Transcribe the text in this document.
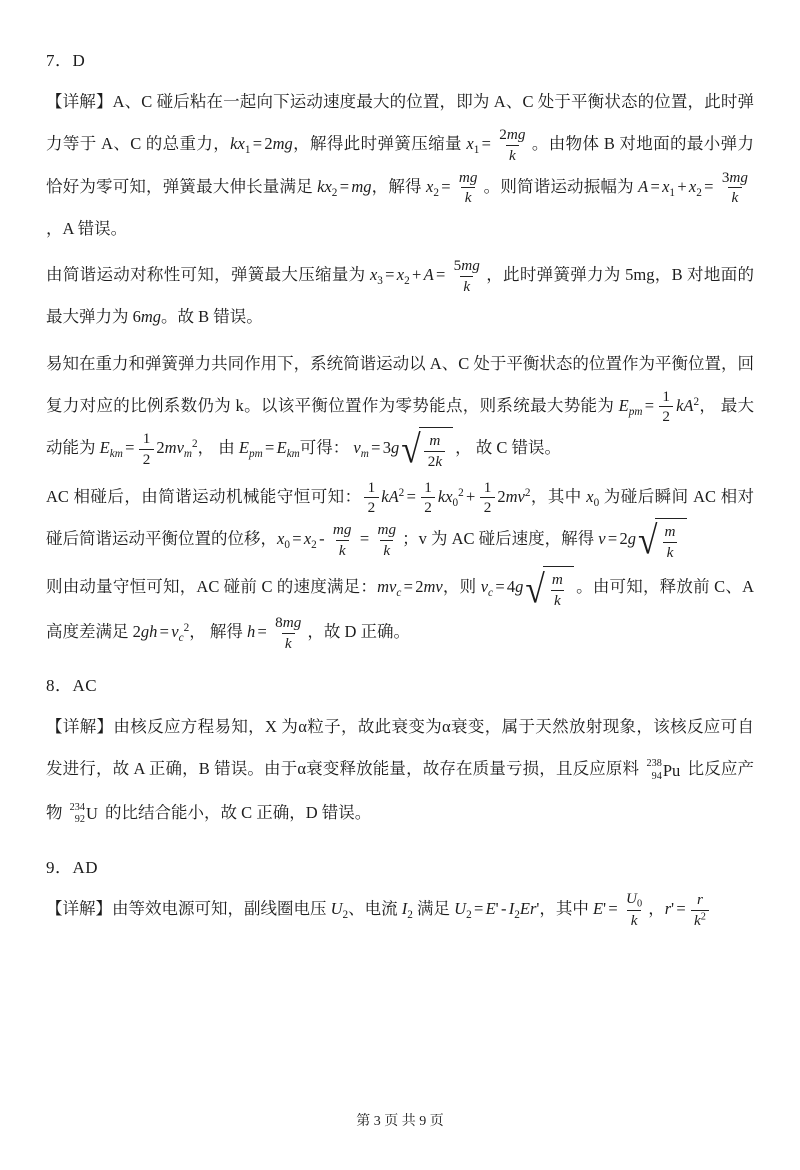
7．D
【详解】A、C 碰后粘在一起向下运动速度最大的位置，即为 A、C 处于平衡状态的位置，此时弹力等于 A、C 的总重力，$kx_1 = 2mg$，解得此时弹簧压缩量 $x_1 = \frac{2mg}{k}$ 。由物体 B 对地面的最小弹力恰好为零可知，弹簧最大伸长量满足 $kx_2$ = mg，解得 $x_2 = \frac{mg}{k}$ 。则简谐运动振幅为 $A = x_1 + x_2 = \frac{3mg}{k}$
，A 错误。
由简谐运动对称性可知，弹簧最大压缩量为 $x_3 = x_2 + A = \frac{5mg}{k}$ ，此时弹簧弹力为 5mg，B 对地面的最大弹力为 6mg。故 B 错误。
易知在重力和弹簧弹力共同作用下，系统简谐运动以 A、C 处于平衡状态的位置作为平衡位置，回复力对应的比例系数仍为 k。以该平衡位置作为零势能点，则系统最大势能为 $E_{pm} = \frac{1}{2} kA^2$， 最大动能为 $E_{km} = \frac{1}{2} 2mv_m^2$， 由 $E_{pm} = E_{km}$可得： $v_m = 3g$ √ $\frac{m}{2k}$ ， 故 C 错误。
AC 相碰后，由简谐运动机械能守恒可知： $\frac{1}{2} kA^2 = \frac{1}{2} kx_0^2 + \frac{1}{2} 2mv^2$，其中 $x_0$ 为碰后瞬间 AC 相对碰后简谐运动平衡位置的位移，$x_0 = x_2 - \frac{mg}{k} = \frac{mg}{k}$ ；v 为 AC 碰后速度，解得 v = 2g √ $\frac{m}{k}$
则由动量守恒可知，AC 碰前 C 的速度满足：$mv_c = 2mv$，则 $v_c = 4g$ √ $\frac{m}{k}$ 。由可知，释放前 C、A 高度差满足 $2gh = v_c^2$， 解得 $h = \frac{8mg}{k}$ ，故 D 正确。
8．AC
【详解】由核反应方程易知，X 为α粒子，故此衰变为α衰变，属于天然放射现象，该核反应可自发进行，故 A 正确，B 错误。由于α衰变释放能量，故存在质量亏损，且反应原料 238
94 Pu 比反应产物 234
92 U 的比结合能小，故 C 正确，D 错误。
9．AD
【详解】由等效电源可知，副线圈电压 $U_2$、电流 $I_2$ 满足 $U_2 = E' - I_2Er'$，其中 $E' = \frac{U_0}{k}$ ，$r' = \frac{r}{k^2}$
第 3 页 共 9 页
